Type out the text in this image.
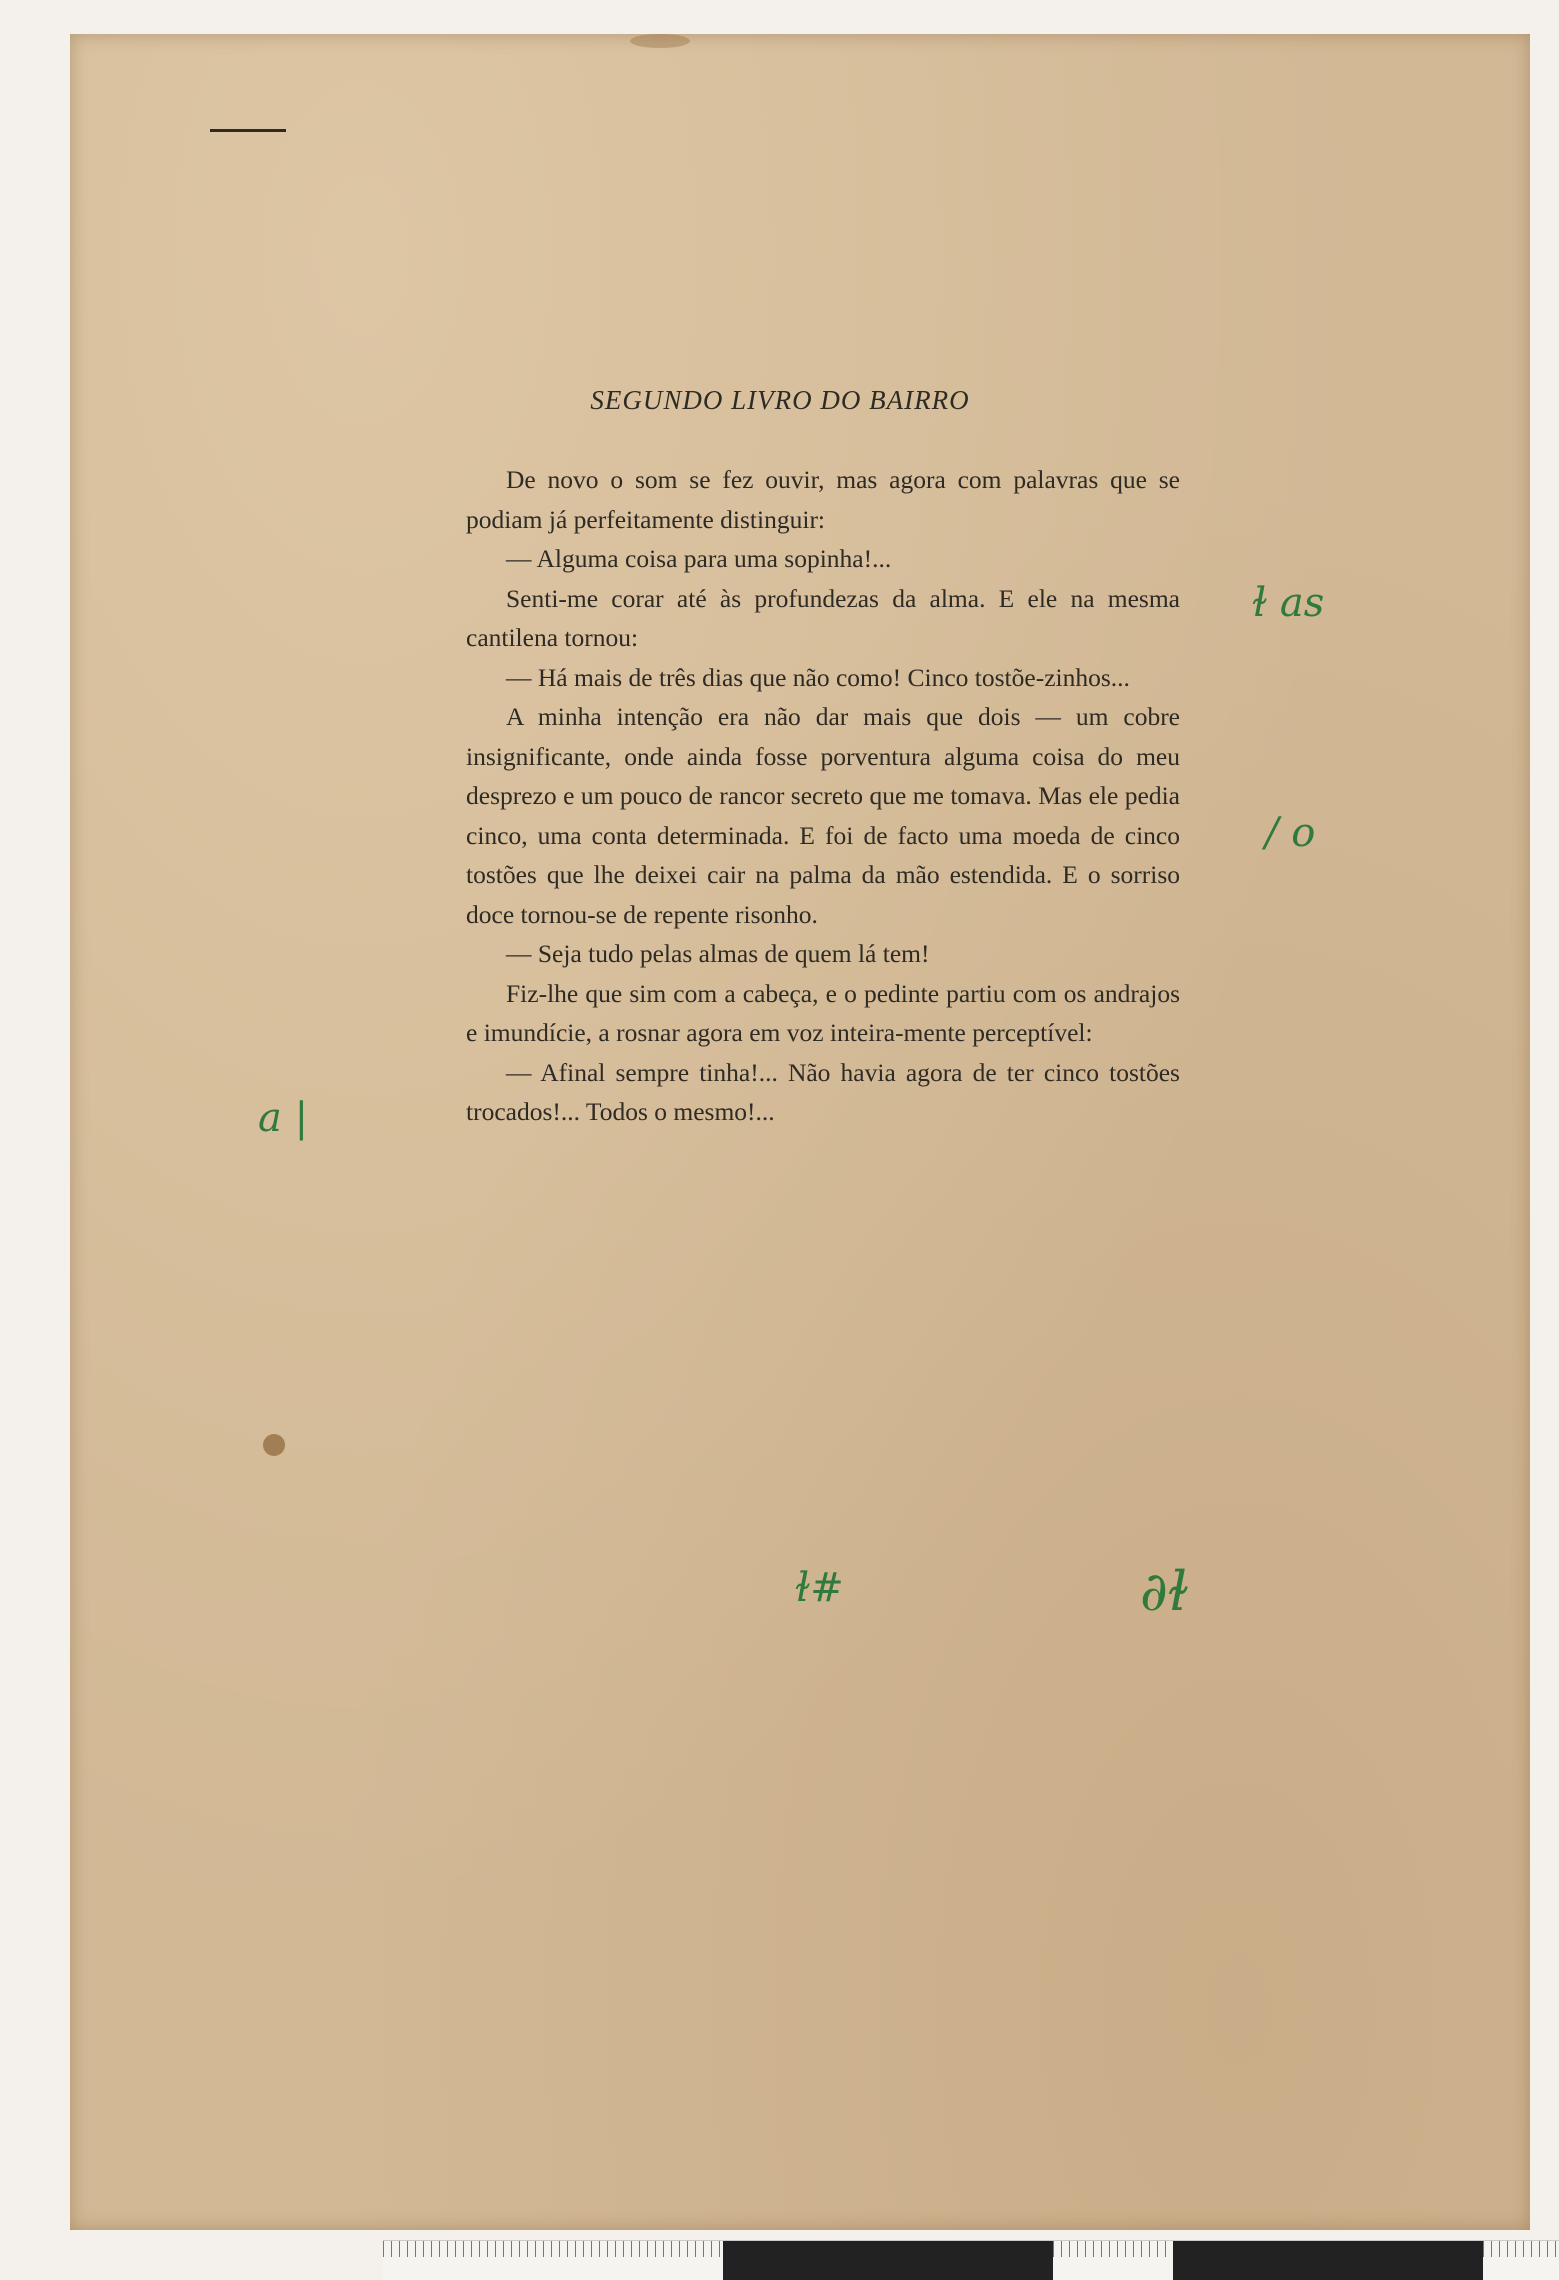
SEGUNDO LIVRO DO BAIRRO

De novo o som se fez ouvir, mas agora com palavras que se podiam já perfeitamente distinguir:

— Alguma coisa para uma sopinha!...

Senti-me corar até às profundezas da alma. E ele na mesma cantilena tornou:

— Há mais de três dias que não como! Cinco tostõe-zinhos...

A minha intenção era não dar mais que dois — um cobre insignificante, onde ainda fosse porventura alguma coisa do meu desprezo e um pouco de rancor secreto que me tomava. Mas ele pedia cinco, uma conta determinada. E foi de facto uma moeda de cinco tostões que lhe deixei cair na palma da mão estendida. E o sorriso doce tornou-se de repente risonho.

— Seja tudo pelas almas de quem lá tem!

Fiz-lhe que sim com a cabeça, e o pedinte partiu com os andrajos e imundície, a rosnar agora em voz inteira-mente perceptível:

— Afinal sempre tinha!... Não havia agora de ter cinco tostões trocados!... Todos o mesmo!...

ɫ as
/ o
a |
ɫ#	∂ɫ
